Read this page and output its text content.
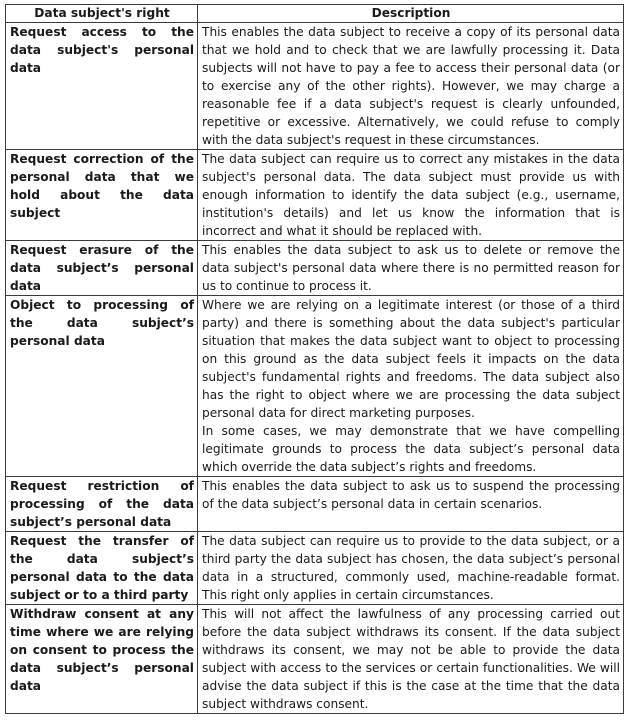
Data subject's right	Description
Request access to the data subject's personal data	This enables the data subject to receive a copy of its personal data that we hold and to check that we are lawfully processing it. Data subjects will not have to pay a fee to access their personal data (or to exercise any of the other rights). However, we may charge a reasonable fee if a data subject's request is clearly unfounded, repetitive or excessive. Alternatively, we could refuse to comply with the data subject's request in these circumstances.

Request correction of the personal data that we hold about the data subject	The data subject can require us to correct any mistakes in the data subject's personal data. The data subject must provide us with enough information to identify the data subject (e.g., username, institution's details) and let us know the information that is incorrect and what it should be replaced with.

Request erasure of the data subject’s personal data	This enables the data subject to ask us to delete or remove the data subject's personal data where there is no permitted reason for us to continue to process it.

Object to processing of the data subject’s personal data	Where we are relying on a legitimate interest (or those of a third party) and there is something about the data subject's particular situation that makes the data subject want to object to processing on this ground as the data subject feels it impacts on the data subject's fundamental rights and freedoms. The data subject also has the right to object where we are processing the data subject personal data for direct marketing purposes.

In some cases, we may demonstrate that we have compelling legitimate grounds to process the data subject’s personal data which override the data subject’s rights and freedoms.

Request restriction of processing of the data subject’s personal data	This enables the data subject to ask us to suspend the processing of the data subject’s personal data in certain scenarios.

Request the transfer of the data subject’s personal data to the data subject or to a third party	The data subject can require us to provide to the data subject, or a third party the data subject has chosen, the data subject’s personal data in a structured, commonly used, machine-readable format. This right only applies in certain circumstances.

Withdraw consent at any time where we are relying on consent to process the data subject’s personal data	This will not affect the lawfulness of any processing carried out before the data subject withdraws its consent. If the data subject withdraws its consent, we may not be able to provide the data subject with access to the services or certain functionalities. We will advise the data subject if this is the case at the time that the data subject withdraws consent.
